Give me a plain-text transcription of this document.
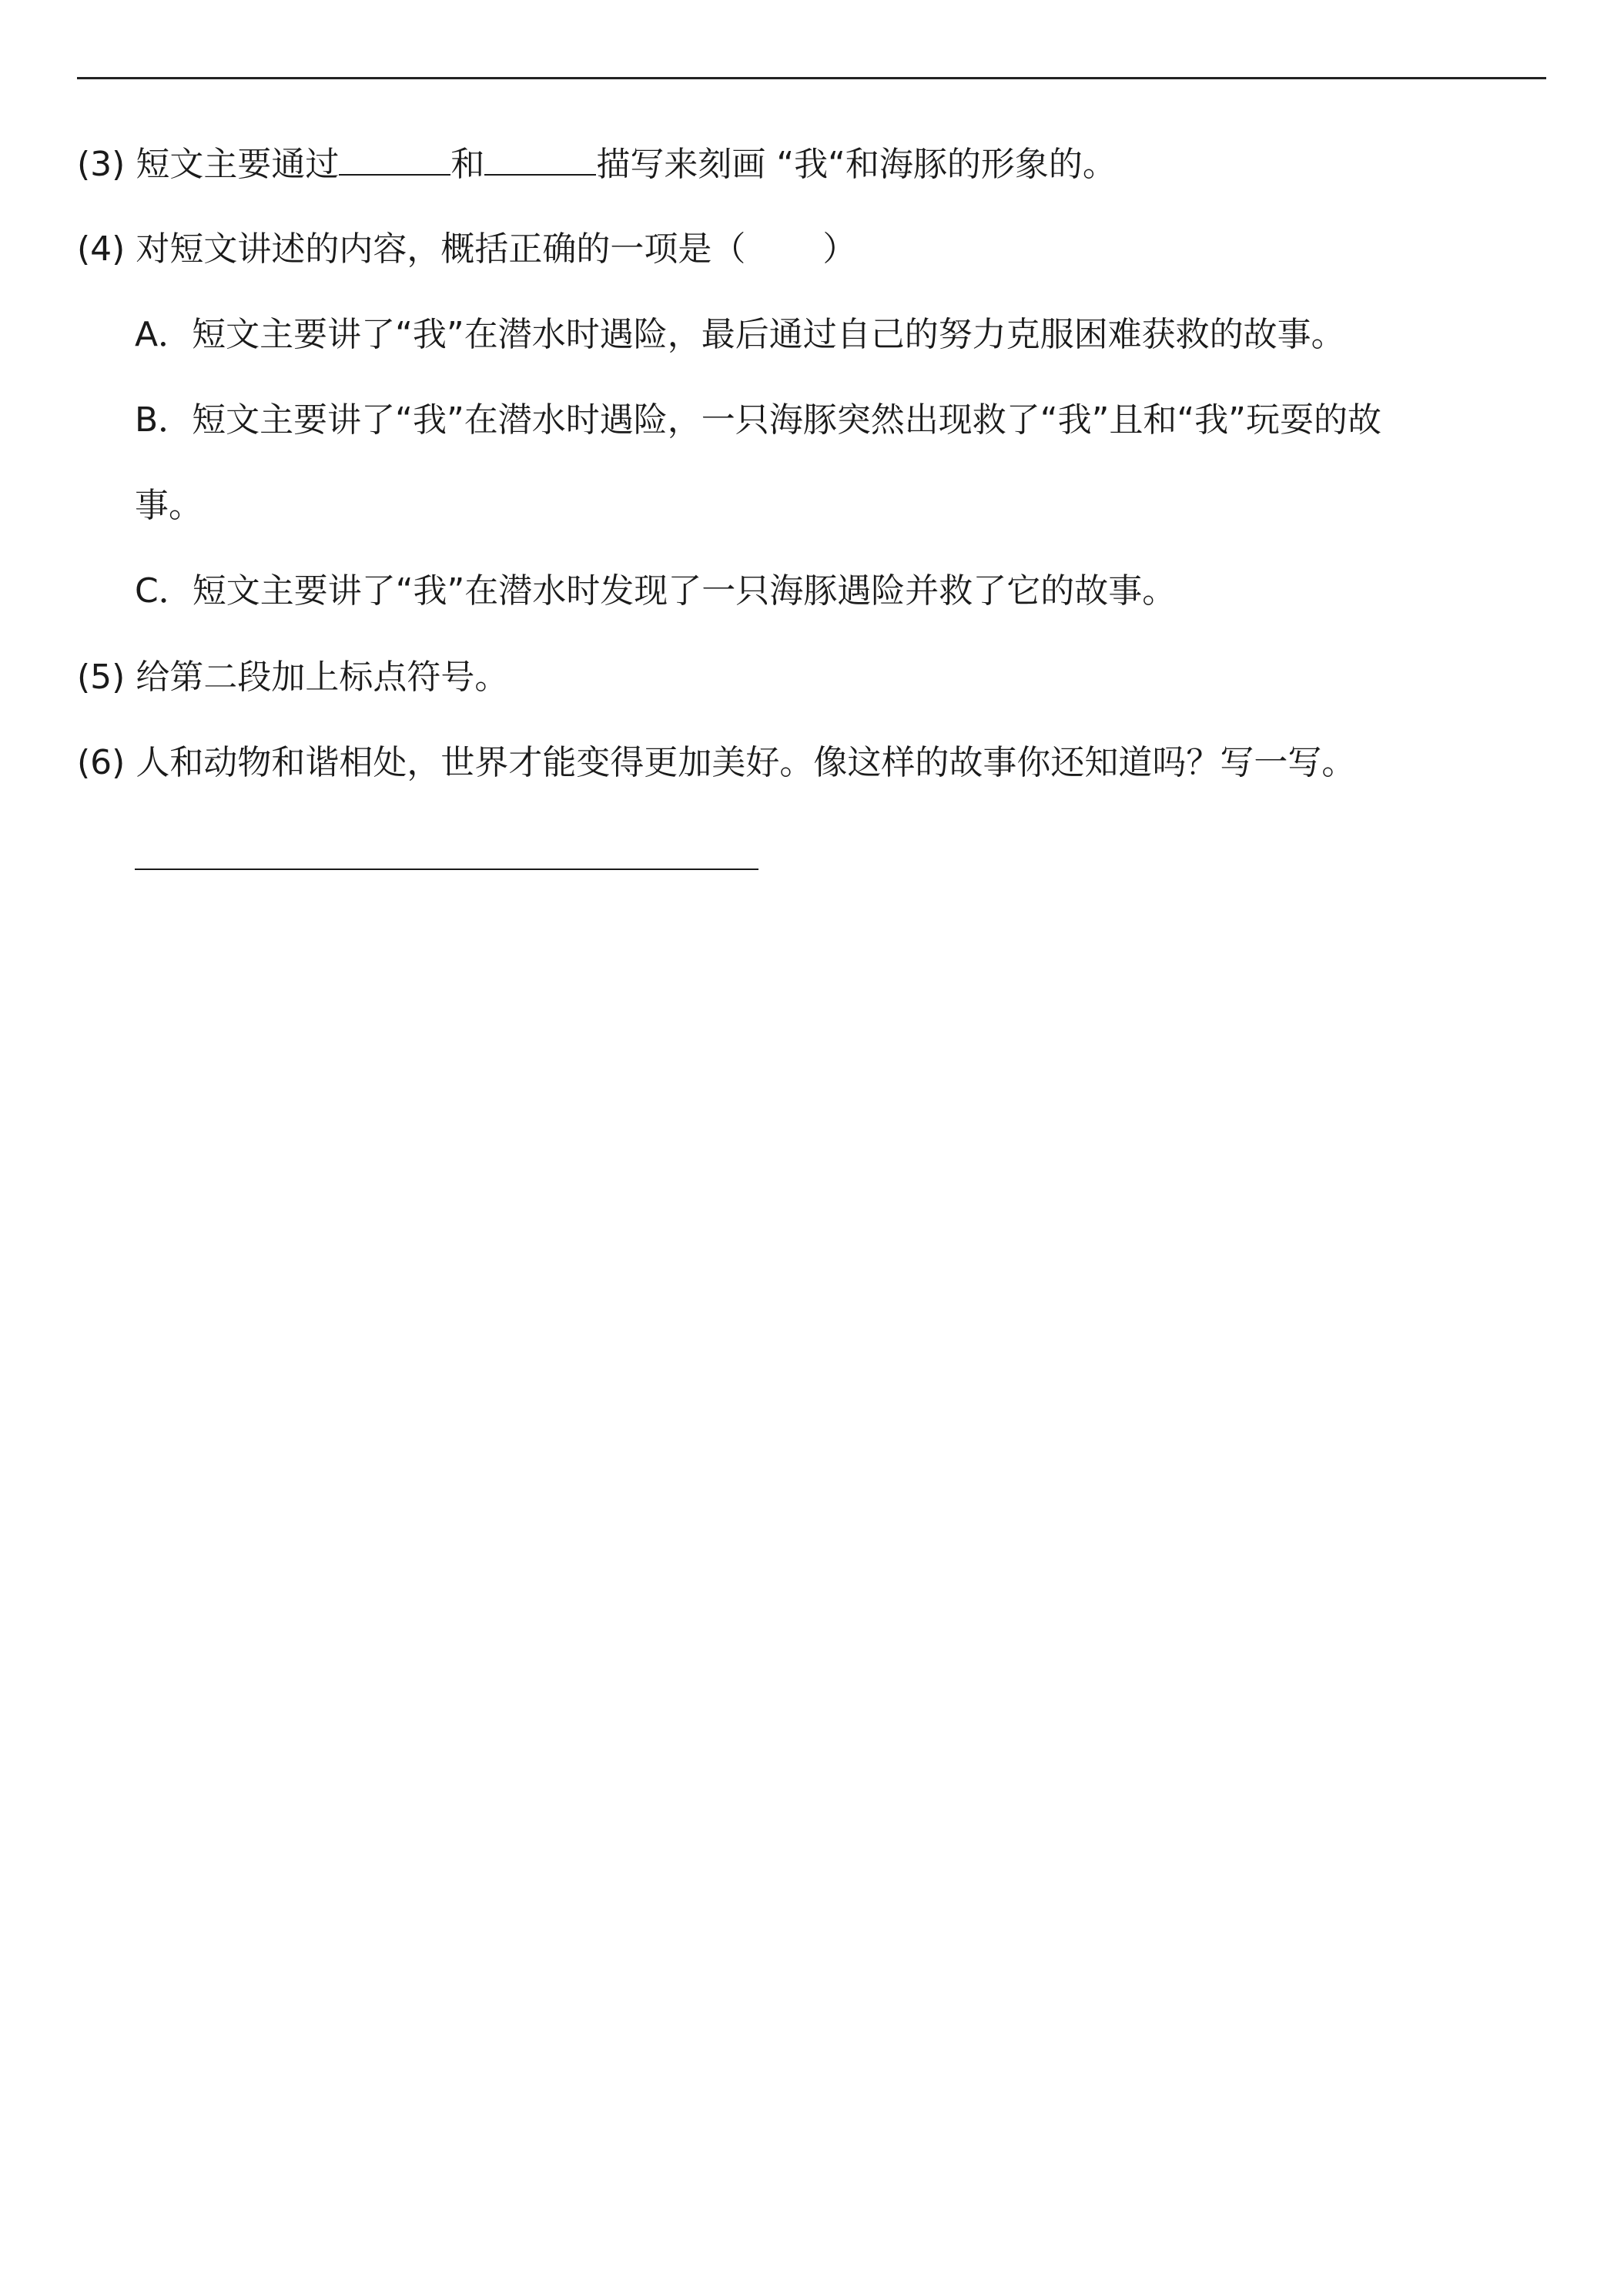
(3) 短文主要通过	和	描写来刻画 “我“和海豚的形象的。
(4) 对短文讲述的内容，概括正确的一项是（ ）
A．短文主要讲了“我”在潜水时遇险，最后通过自己的努力克服困难获救的故事。
B．短文主要讲了“我”在潜水时遇险，一只海豚突然出现救了“我”且和“我”玩耍的故
事。
C．短文主要讲了“我”在潜水时发现了一只海豚遇险并救了它的故事。
(5) 给第二段加上标点符号。
(6) 人和动物和谐相处，世界才能变得更加美好。像这样的故事你还知道吗？写一写。
